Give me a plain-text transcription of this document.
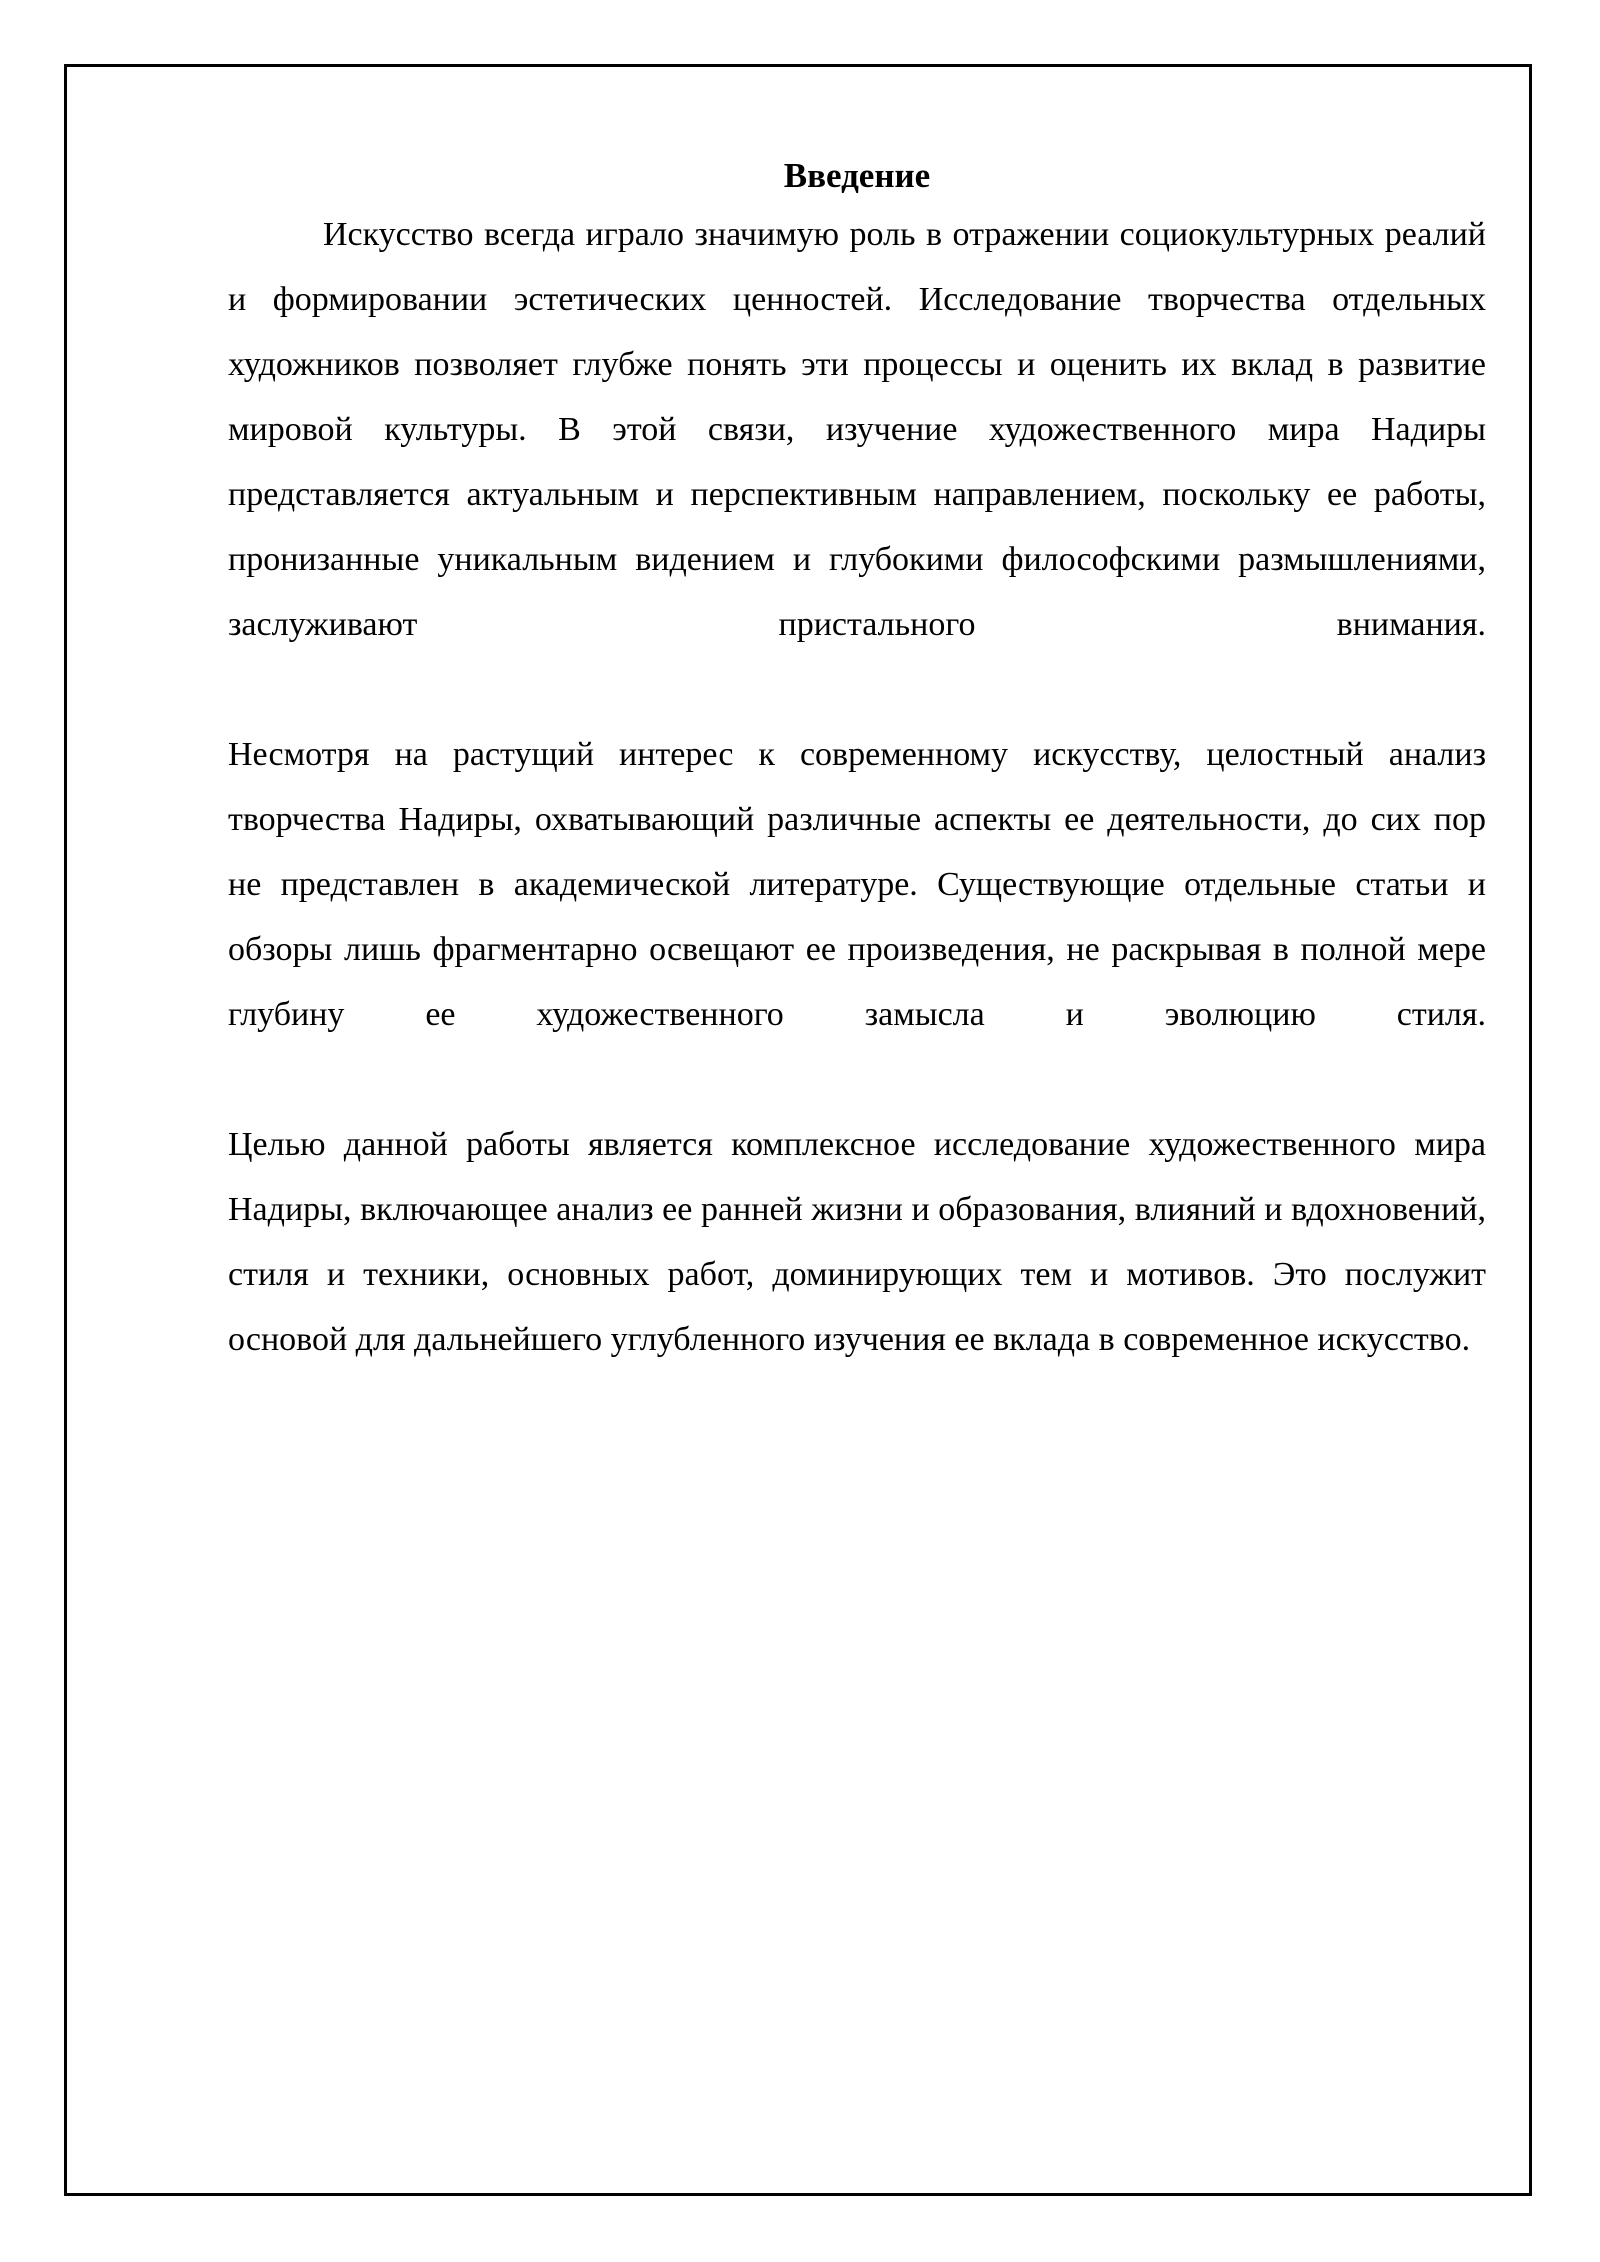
Введение

Искусство всегда играло значимую роль в отражении социокультурных реалий и формировании эстетических ценностей. Исследование творчества отдельных художников позволяет глубже понять эти процессы и оценить их вклад в развитие мировой культуры. В этой связи, изучение художественного мира Надиры представляется актуальным и перспективным направлением, поскольку ее работы, пронизанные уникальным видением и глубокими философскими размышлениями, заслуживают пристального внимания.

Несмотря на растущий интерес к современному искусству, целостный анализ творчества Надиры, охватывающий различные аспекты ее деятельности, до сих пор не представлен в академической литературе. Существующие отдельные статьи и обзоры лишь фрагментарно освещают ее произведения, не раскрывая в полной мере глубину ее художественного замысла и эволюцию стиля.

Целью данной работы является комплексное исследование художественного мира Надиры, включающее анализ ее ранней жизни и образования, влияний и вдохновений, стиля и техники, основных работ, доминирующих тем и мотивов. Это послужит основой для дальнейшего углубленного изучения ее вклада в современное искусство.
